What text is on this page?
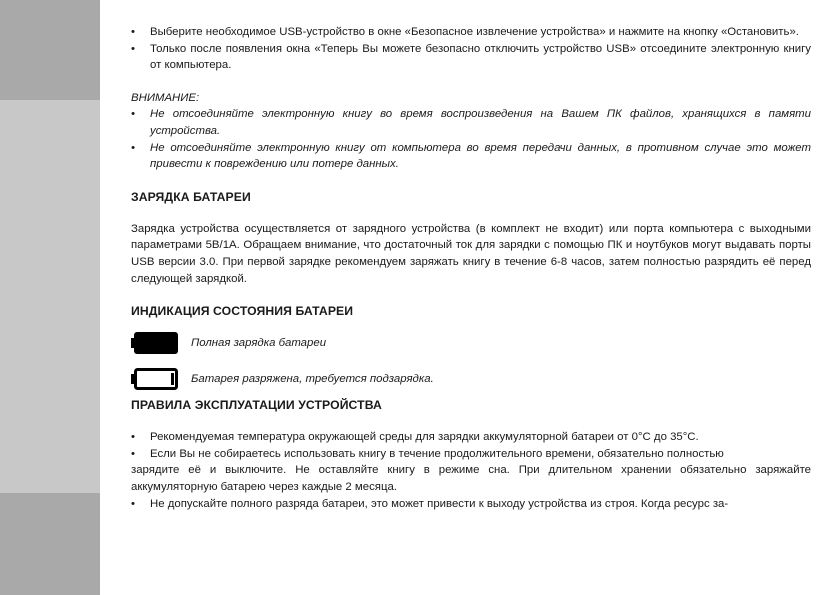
• Выберите необходимое USB-устройство в окне «Безопасное извлечение устройства» и нажмите на кнопку «Остановить».

• Только после появления окна «Теперь Вы можете безопасно отключить устройство USB» отсоедините электронную книгу от компьютера.

ВНИМАНИЕ:

• Не отсоединяйте электронную книгу во время воспроизведения на Вашем ПК файлов, хранящихся в памяти устройства.

• Не отсоединяйте электронную книгу от компьютера во время передачи данных, в противном случае это может привести к повреждению или потере данных.

ЗАРЯДКА БАТАРЕИ

Зарядка устройства осуществляется от зарядного устройства (в комплект не входит) или порта компьютера с выходными параметрами 5В/1А. Обращаем внимание, что достаточный ток для зарядки с помощью ПК и ноутбуков могут выдавать порты USB версии 3.0. При первой зарядке рекомендуем заряжать книгу в течение 6-8 часов, затем полностью разрядить её перед следующей зарядкой.

ИНДИКАЦИЯ СОСТОЯНИЯ БАТАРЕИ
Полная зарядка батареи
Батарея разряжена, требуется подзарядка.
ПРАВИЛА ЭКСПЛУАТАЦИИ УСТРОЙСТВА

• Рекомендуемая температура окружающей среды для зарядки аккумуляторной батареи от 0°С до 35°С.

• Если Вы не собираетесь использовать книгу в течение продолжительного времени, обязательно полностью

зарядите её и выключите. Не оставляйте книгу в режиме сна. При длительном хранении обязательно заряжайте аккумуляторную батарею через каждые 2 месяца.

• Не допускайте полного разряда батареи, это может привести к выходу устройства из строя. Когда ресурс за-
